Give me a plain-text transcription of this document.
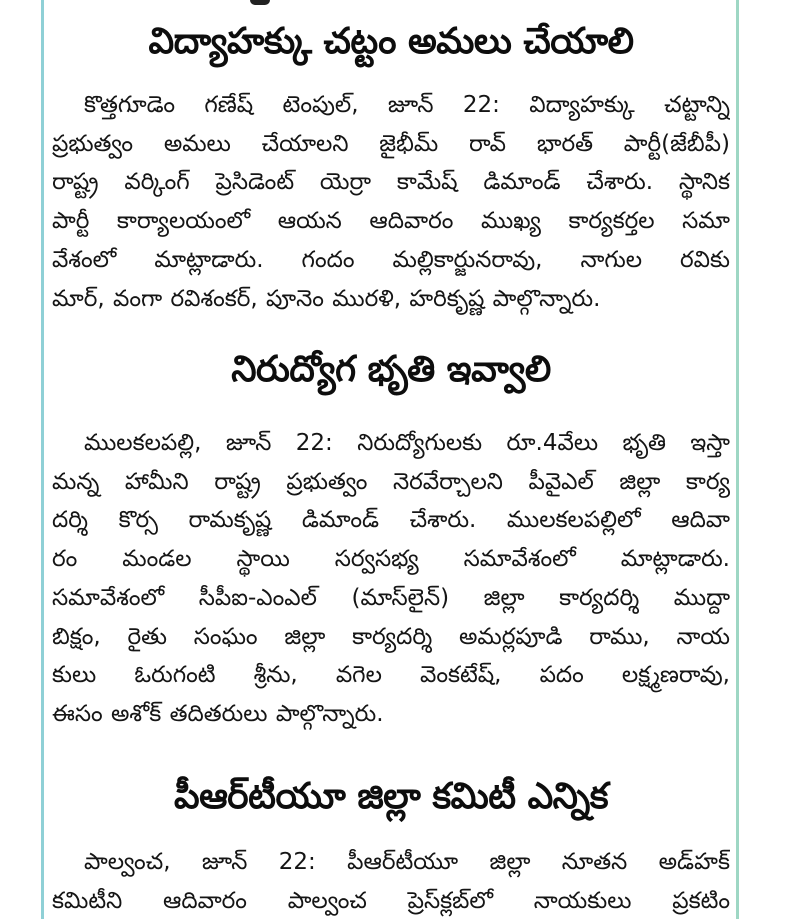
విద్యాహక్కు చట్టం అమలు చేయాలి
కొత్తగూడెం గణేష్ టెంపుల్, జూన్ 22: విద్యాహక్కు చట్టాన్ని
ప్రభుత్వం అమలు చేయాలని జైభీమ్ రావ్ భారత్ పార్టీ(జేబీపీ)
రాష్ట్ర వర్కింగ్ ప్రెసిడెంట్ యెర్రా కామేష్ డిమాండ్ చేశారు. స్థానిక
పార్టీ కార్యాలయంలో ఆయన ఆదివారం ముఖ్య కార్యకర్తల సమా
వేశంలో మాట్లాడారు. గందం మల్లికార్జునరావు, నాగుల రవికు
మార్, వంగా రవిశంకర్, పూనెం మురళి, హరికృష్ణ పాల్గొన్నారు.
నిరుద్యోగ భృతి ఇవ్వాలి
ములకలపల్లి, జూన్ 22: నిరుద్యోగులకు రూ.4వేలు భృతి ఇస్తా
మన్న హామీని రాష్ట్ర ప్రభుత్వం నెరవేర్చాలని పీవైఎల్ జిల్లా కార్య
దర్శి కొర్స రామకృష్ణ డిమాండ్ చేశారు. ములకలపల్లిలో ఆదివా
రం మండల స్థాయి సర్వసభ్య సమావేశంలో మాట్లాడారు.
సమావేశంలో సీపీఐ-ఎంఎల్ (మాస్‌లైన్) జిల్లా కార్యదర్శి ముద్దా
బిక్షం, రైతు సంఘం జిల్లా కార్యదర్శి అమర్లపూడి రాము, నాయ
కులు ఓరుగంటి శ్రీను, వగెల వెంకటేష్, పదం లక్ష్మణరావు,
ఈసం అశోక్ తదితరులు పాల్గొన్నారు.
పీఆర్‌టీయూ జిల్లా కమిటీ ఎన్నిక
పాల్వంచ, జూన్ 22: పీఆర్‌టీయూ జిల్లా నూతన అడ్‌హక్
కమిటీని ఆదివారం పాల్వంచ ప్రెస్‌క్లబ్‌లో నాయకులు ప్రకటిం
